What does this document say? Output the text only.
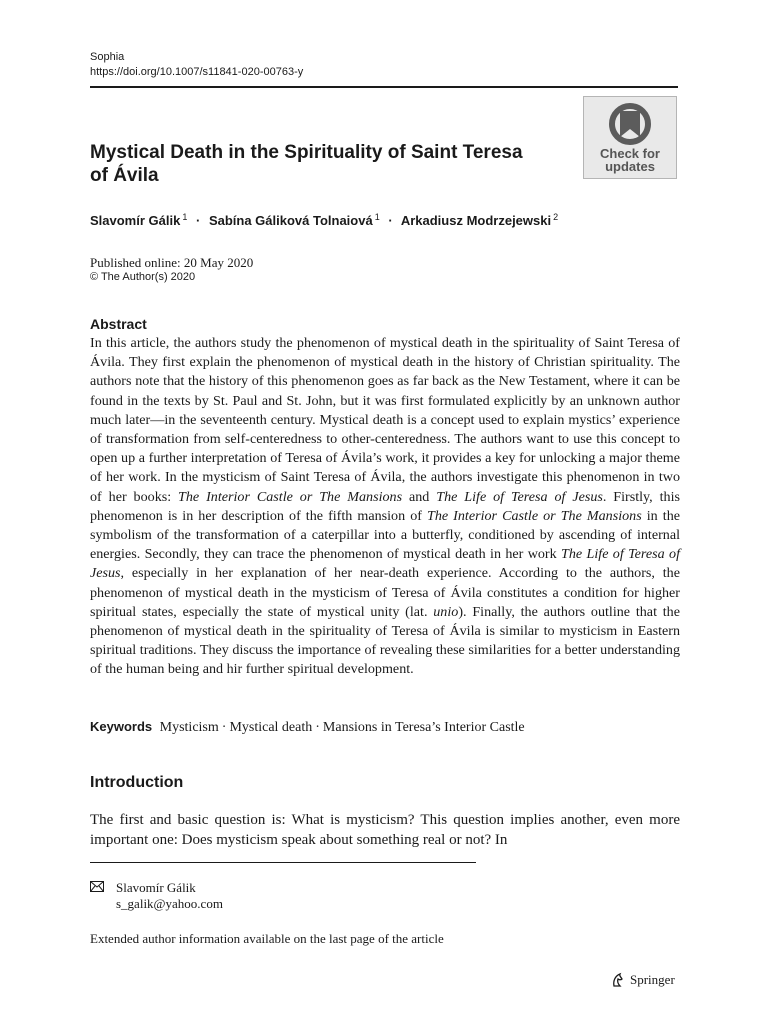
Sophia
https://doi.org/10.1007/s11841-020-00763-y
Mystical Death in the Spirituality of Saint Teresa of Ávila
Check for
updates
Slavomír Gálik $^1$ · Sabína Gáliková Tolnaiová $^1$ · Arkadiusz Modrzejewski $^2$
Published online: 20 May 2020
© The Author(s) 2020
Abstract

In this article, the authors study the phenomenon of mystical death in the spirituality of Saint Teresa of Ávila. They first explain the phenomenon of mystical death in the history of Christian spirituality. The authors note that the history of this phenomenon goes as far back as the New Testament, where it can be found in the texts by St. Paul and St. John, but it was first formulated explicitly by an unknown author much later—in the seventeenth century. Mystical death is a concept used to explain mystics’ experience of transformation from self-centeredness to other-centeredness. The authors want to use this concept to open up a further interpretation of Teresa of Ávila’s work, it provides a key for unlocking a major theme of her work. In the mysticism of Saint Teresa of Ávila, the authors investigate this phenomenon in two of her books: The Interior Castle or The Mansions and The Life of Teresa of Jesus. Firstly, this phenomenon is in her description of the fifth mansion of The Interior Castle or The Mansions in the symbolism of the transformation of a caterpillar into a butterfly, conditioned by ascending of internal energies. Secondly, they can trace the phenomenon of mystical death in her work The Life of Teresa of Jesus, especially in her explanation of her near-death experience. According to the authors, the phenomenon of mystical death in the mysticism of Teresa of Ávila constitutes a condition for higher spiritual states, especially the state of mystical unity (lat. unio). Finally, the authors outline that the phenomenon of mystical death in the spirituality of Teresa of Ávila is similar to mysticism in Eastern spiritual traditions. They discuss the importance of revealing these similarities for a better understanding of the human being and hir further spiritual development.

Keywords Mysticism · Mystical death · Mansions in Teresa’s Interior Castle
Introduction

The first and basic question is: What is mysticism? This question implies another, even more important one: Does mysticism speak about something real or not? In

Slavomír Gálik
s_galik@yahoo.com
Extended author information available on the last page of the article
Springer
